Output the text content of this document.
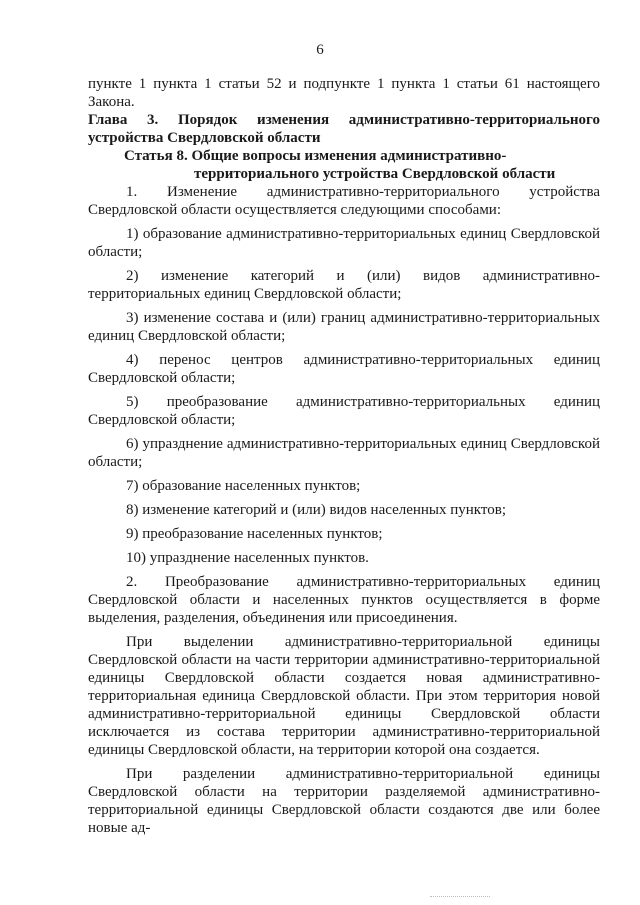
6

пункте 1 пункта 1 статьи 52 и подпункте 1 пункта 1 статьи 61 настоящего Закона.

Глава 3. Порядок изменения административно-территориального устройства Свердловской области

Статья 8. Общие вопросы изменения административно-
территориального устройства Свердловской области

1. Изменение административно-территориального устройства Свердловской области осуществляется следующими способами:

1) образование административно-территориальных единиц Свердловской области;

2) изменение категорий и (или) видов административно-территориальных единиц Свердловской области;

3) изменение состава и (или) границ административно-территориальных единиц Свердловской области;

4) перенос центров административно-территориальных единиц Свердловской области;

5) преобразование административно-территориальных единиц Свердловской области;

6) упразднение административно-территориальных единиц Свердловской области;

7) образование населенных пунктов;

8) изменение категорий и (или) видов населенных пунктов;

9) преобразование населенных пунктов;

10) упразднение населенных пунктов.

2. Преобразование административно-территориальных единиц Свердловской области и населенных пунктов осуществляется в форме выделения, разделения, объединения или присоединения.

При выделении административно-территориальной единицы Свердловской области на части территории административно-территориальной единицы Свердловской области создается новая административно-территориальная единица Свердловской области. При этом территория новой административно-территориальной единицы Свердловской области исключается из состава территории административно-территориальной единицы Свердловской области, на территории которой она создается.

При разделении административно-территориальной единицы Свердловской области на территории разделяемой административно-территориальной единицы Свердловской области создаются две или более новые ад-
